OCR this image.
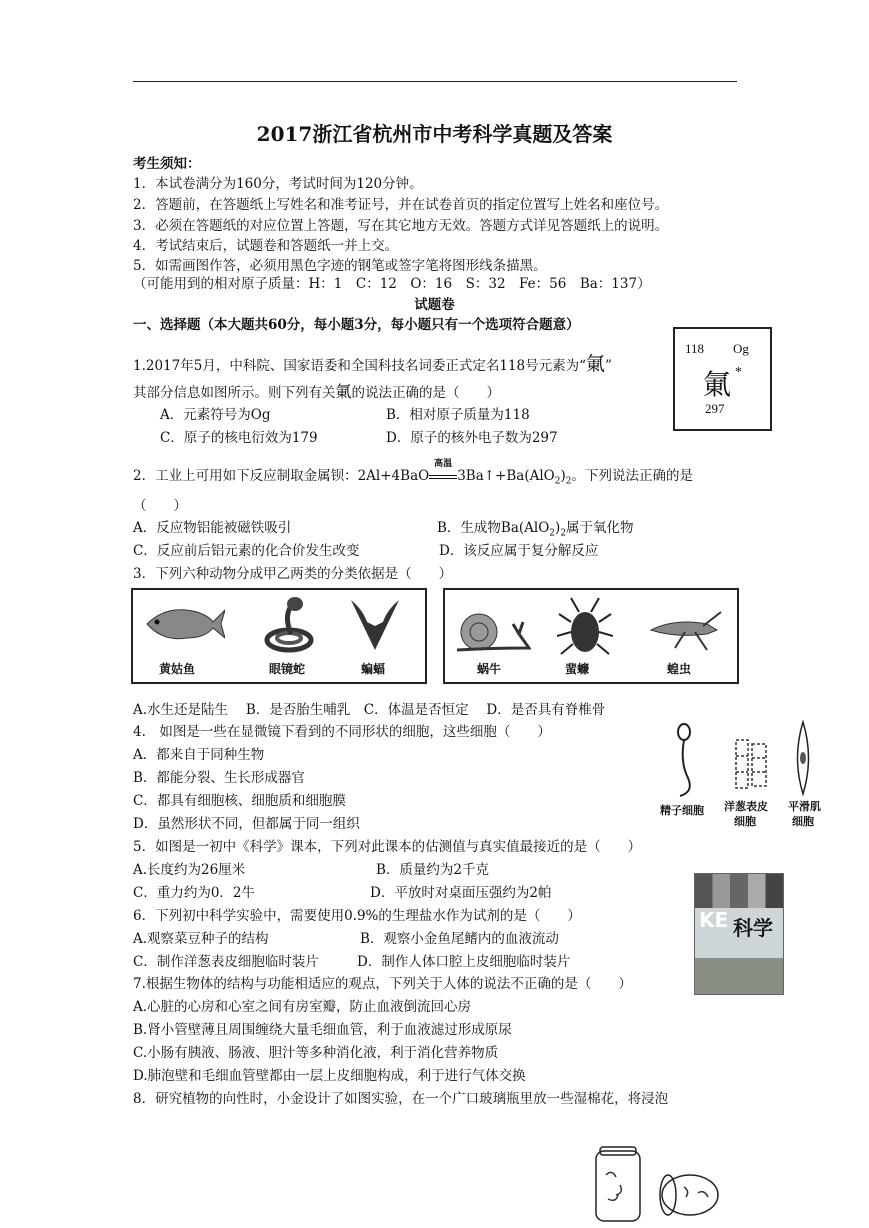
2017浙江省杭州市中考科学真题及答案
考生须知：
1．本试卷满分为160分，考试时间为120分钟。
2．答题前，在答题纸上写姓名和准考证号，并在试卷首页的指定位置写上姓名和座位号。
3．必须在答题纸的对应位置上答题，写在其它地方无效。答题方式详见答题纸上的说明。
4．考试结束后，试题卷和答题纸一并上交。
5．如需画图作答，必须用黑色字迹的钢笔或签字笔将图形线条描黑。
（可能用到的相对原子质量：H：1　C：12　O：16　S：32　Fe：56　Ba：137）
试题卷
一、选择题（本大题共60分，每小题3分，每小题只有一个选项符合题意）
1.2017年5月，中科院、国家语委和全国科技名词委正式定名118号元素为“氭”
其部分信息如图所示。则下列有关氭的说法正确的是（　　）
A．元素符号为Og	B．相对原子质量为118
C．原子的核电衍效为179	D．原子的核外电子数为297
118 Og
氭 *
297
2．工业上可用如下反应制取金属钡：2Al+4BaO
高温
$3Ba↑+Ba(AlO_2)_2$。下列说法正确的是
（　　）
A．反应物铝能被磁铁吸引	B．生成物$Ba(AlO_2)_2$属于氧化物
C．反应前后铝元素的化合价发生改变	D．该反应属于复分解反应
3．下列六种动物分成甲乙两类的分类依据是（　　）
黄姑鱼	眼镜蛇	蝙蝠	蜗牛	蜚蠊	蝗虫
A.水生还是陆生　 B．是否胎生哺乳　C．体温是否恒定　 D．是否具有脊椎骨
4.　如图是一些在显微镜下看到的不同形状的细胞，这些细胞（　　）
A．都来自于同种生物
B．都能分裂、生长形成器官
C．都具有细胞核、细胞质和细胞膜
D．虽然形状不同，但都属于同一组织
精子细胞 洋葱表皮
细胞
平滑肌
细胞
5．如图是一初中《科学》课本，下列对此课本的估测值与真实值最接近的是（　　）
A.长度约为26厘米	B．质量约为2千克
C．重力约为0．2牛	D．平放时对桌面压强约为2帕
KE 科学
6．下列初中科学实验中，需要使用0.9%的生理盐水作为试剂的是（　　）
A.观察菜豆种子的结构	B．观察小金鱼尾鳍内的血液流动
C．制作洋葱表皮细胞临时装片	D．制作人体口腔上皮细胞临时装片
7.根据生物体的结构与功能相适应的观点，下列关于人体的说法不正确的是（　　）
A.心脏的心房和心室之间有房室瓣，防止血液倒流回心房
B.肾小管壁薄且周围缠绕大量毛细血管，利于血液滤过形成原尿
C.小肠有胰液、肠液、胆汁等多种消化液，利于消化营养物质
D.肺泡壁和毛细血管壁都由一层上皮细胞构成，利于进行气体交换
8．研究植物的向性时，小金设计了如图实验，在一个广口玻璃瓶里放一些湿棉花，将浸泡
